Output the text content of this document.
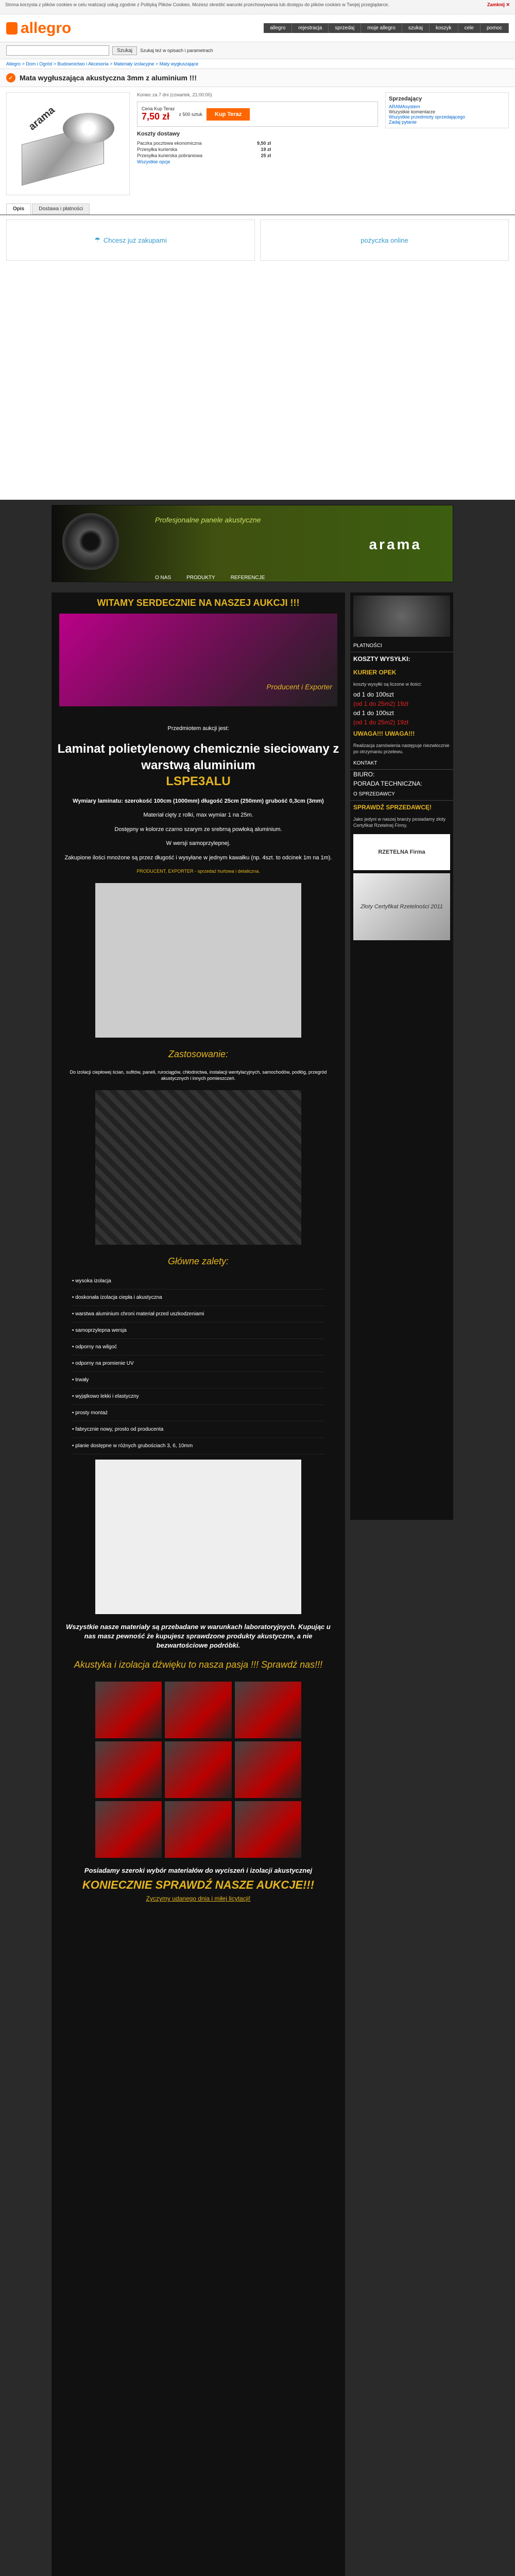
Strona korzysta z plików cookies w celu realizacji usług zgodnie z Polityką Plików Cookies. Możesz określić warunki przechowywania lub dostępu do plików cookies w Twojej przeglądarce.	Zamknij ✕
allegro	allegro	rejestracja	sprzedaj	moje allegro	szukaj	koszyk	cele	pomoc
Szukaj	Szukaj też w opisach i parametrach
Allegro > Dom i Ogród > Budownictwo i Akcesoria > Materiały izolacyjne > Maty wygłuszające
✓ Mata wygłuszająca akustyczna 3mm z aluminium !!!
arama
Koniec za 7 dni (czwartek, 21:00:00)
Cena Kup Teraz
7,50 zł	z 500 sztuk	Kup Teraz
Koszty dostawy
Paczka pocztowa ekonomiczna	9,50 zł
Przesyłka kurierska	19 zł
Przesyłka kurierska pobraniowa	25 zł
Wszystkie opcje
Sprzedający
ARAMAsystem
Wszystkie komentarze
Wszystkie przedmioty sprzedającego
Zadaj pytanie
Opis	Dostawa i płatności
☂ Chcesz już zakupami	pożyczka online
Profesjonalne panele akustyczne
arama
O NAS	PRODUKTY	REFERENCJE
WITAMY SERDECZNIE NA NASZEJ AUKCJI !!!
Producent i Exporter
Przedmiotem aukcji jest:
Laminat polietylenowy chemicznie sieciowany z warstwą aluminium
LSPE3ALU
Wymiary laminatu: szerokość 100cm (1000mm) długość 25cm (250mm) grubość 0,3cm (3mm)
Materiał cięty z rolki, max wymiar 1 na 25m.
Dostępny w kolorze czarno szarym ze srebrną powłoką aluminium.
W wersji samoprzylepnej.
Zakupione ilości mnożone są przez długość i wysyłane w jednym kawałku (np. 4szt. to odcinek 1m na 1m).
PRODUCENT, EXPORTER - sprzedaż hurtowa i detaliczna.
Zastosowanie:
Do izolacji ciepłowej ścian, sufitów, paneli, rurociągów, chłodnictwa, instalacji wentylacyjnych, samochodów, podłóg, przegród akustycznych i innych pomieszczeń.
Główne zalety:
• wysoka izolacja
• doskonała izolacja ciepła i akustyczna
• warstwa aluminium chroni materiał przed uszkodzeniami
• samoprzylepna wersja
• odporny na wilgoć
• odporny na promienie UV
• trwały
• wyjątkowo lekki i elastyczny
• prosty montaż
• fabrycznie nowy, prosto od producenta
• planie dostępne w różnych grubościach 3, 6, 10mm
Wszystkie nasze materiały są przebadane w warunkach laboratoryjnych. Kupując u nas masz pewność że kupujesz sprawdzone produkty akustyczne, a nie bezwartościowe podróbki.
Akustyka i izolacja dźwięku to nasza pasja !!! Sprawdź nas!!!
Posiadamy szeroki wybór materiałów do wyciszeń i izolacji akustycznej
KONIECZNIE SPRAWDŹ NASZE AUKCJE!!!
Zyczymy udanego dnia i miłej licytacji!
PŁATNOŚCI
KOSZTY WYSYŁKI:
KURIER OPEK
koszty wysyłki są liczone w ilości:
od 1 do 100szt
(od 1 do 25m2) 19zł
od 1 do 100szt
(od 1 do 25m2) 19zł
UWAGA!!! UWAGA!!!
Realizacja zamówienia następuje niezwłocznie po otrzymaniu przelewu.
KONTAKT
BIURO:
PORADA TECHNICZNA:
O SPRZEDAWCY
SPRAWDŹ SPRZEDAWCĘ!
Jako jedyni w naszej branży posiadamy złoty Certyfikat Rzetelnej Firmy.
RZETELNA Firma
Złoty Certyfikat Rzetelności 2011
